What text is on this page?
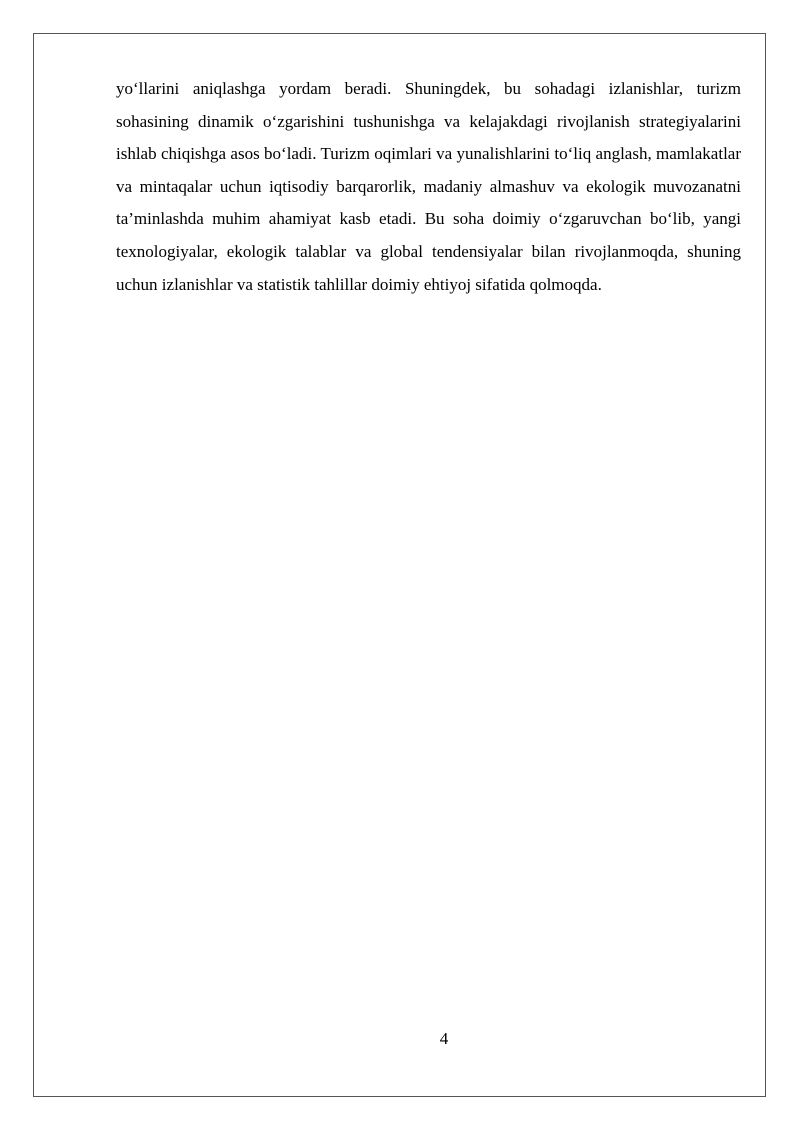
yo‘llarini aniqlashga yordam beradi. Shuningdek, bu sohadagi izlanishlar, turizm sohasining dinamik o‘zgarishini tushunishga va kelajakdagi rivojlanish strategiyalarini ishlab chiqishga asos bo‘ladi. Turizm oqimlari va yunalishlarini to‘liq anglash, mamlakatlar va mintaqalar uchun iqtisodiy barqarorlik, madaniy almashuv va ekologik muvozanatni ta’minlashda muhim ahamiyat kasb etadi. Bu soha doimiy o‘zgaruvchan bo‘lib, yangi texnologiyalar, ekologik talablar va global tendensiyalar bilan rivojlanmoqda, shuning uchun izlanishlar va statistik tahlillar doimiy ehtiyoj sifatida qolmoqda.

4
